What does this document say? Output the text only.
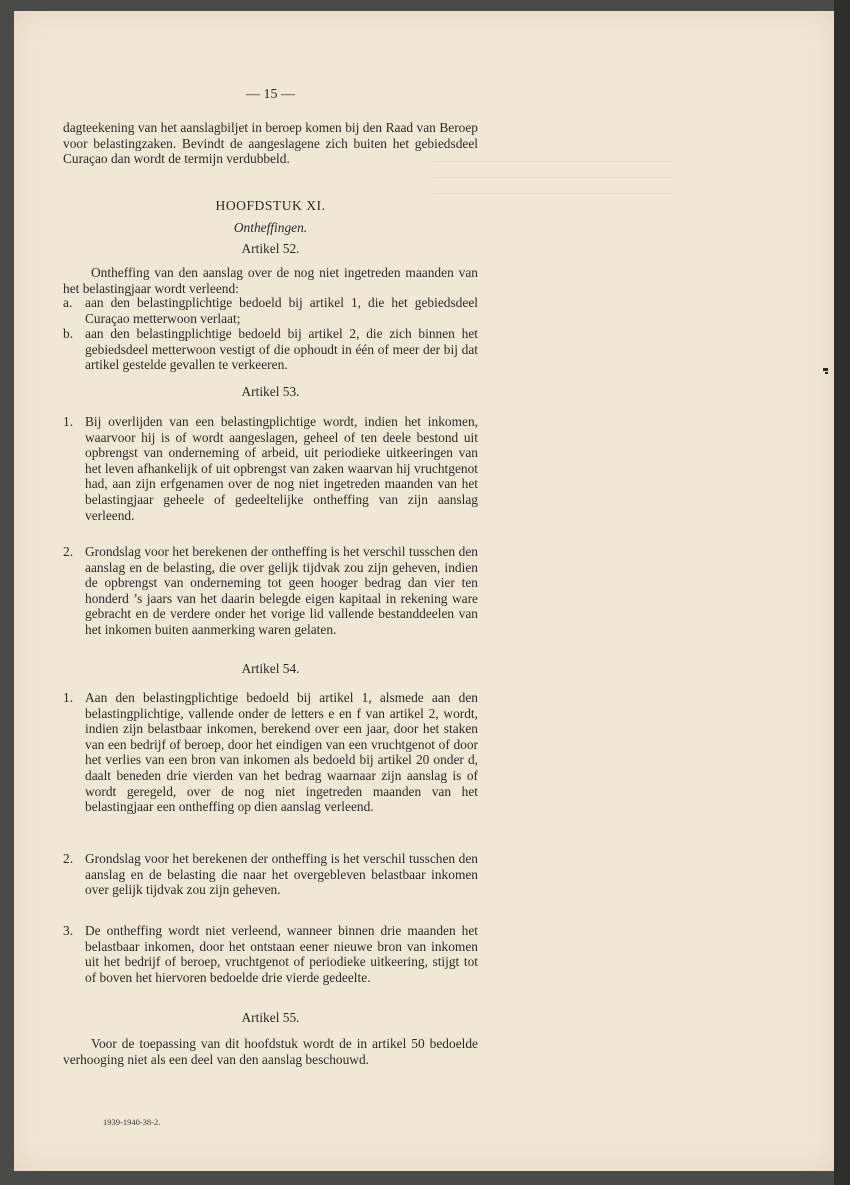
— 15 —
dagteekening van het aanslagbiljet in beroep komen bij den Raad van Beroep voor belastingzaken. Bevindt de aangeslagene zich buiten het gebiedsdeel Curaçao dan wordt de termijn verdubbeld.
HOOFDSTUK XI.
Ontheffingen.
Artikel 52.
Ontheffing van den aanslag over de nog niet ingetreden maanden van het belastingjaar wordt verleend:
a. aan den belastingplichtige bedoeld bij artikel 1, die het gebiedsdeel Curaçao metterwoon verlaat;
b. aan den belastingplichtige bedoeld bij artikel 2, die zich binnen het gebiedsdeel metterwoon vestigt of die ophoudt in één of meer der bij dat artikel gestelde gevallen te verkeeren.
Artikel 53.
1. Bij overlijden van een belastingplichtige wordt, indien het inkomen, waarvoor hij is of wordt aangeslagen, geheel of ten deele bestond uit opbrengst van onderneming of arbeid, uit periodieke uitkeeringen van het leven afhankelijk of uit opbrengst van zaken waarvan hij vruchtgenot had, aan zijn erfgenamen over de nog niet ingetreden maanden van het belastingjaar geheele of gedeeltelijke ontheffing van zijn aanslag verleend.
2. Grondslag voor het berekenen der ontheffing is het verschil tusschen den aanslag en de belasting, die over gelijk tijdvak zou zijn geheven, indien de opbrengst van onderneming tot geen hooger bedrag dan vier ten honderd ’s jaars van het daarin belegde eigen kapitaal in rekening ware gebracht en de verdere onder het vorige lid vallende bestanddeelen van het inkomen buiten aanmerking waren gelaten.
Artikel 54.
1. Aan den belastingplichtige bedoeld bij artikel 1, alsmede aan den belastingplichtige, vallende onder de letters e en f van artikel 2, wordt, indien zijn belastbaar inkomen, berekend over een jaar, door het staken van een bedrijf of beroep, door het eindigen van een vruchtgenot of door het verlies van een bron van inkomen als bedoeld bij artikel 20 onder d, daalt beneden drie vierden van het bedrag waarnaar zijn aanslag is of wordt geregeld, over de nog niet ingetreden maanden van het belastingjaar een ontheffing op dien aanslag verleend.
2. Grondslag voor het berekenen der ontheffing is het verschil tusschen den aanslag en de belasting die naar het overgebleven belastbaar inkomen over gelijk tijdvak zou zijn geheven.
3. De ontheffing wordt niet verleend, wanneer binnen drie maanden het belastbaar inkomen, door het ontstaan eener nieuwe bron van inkomen uit het bedrijf of beroep, vruchtgenot of periodieke uitkeering, stijgt tot of boven het hiervoren bedoelde drie vierde gedeelte.
Artikel 55.
Voor de toepassing van dit hoofdstuk wordt de in artikel 50 bedoelde verhooging niet als een deel van den aanslag beschouwd.
1939-1940-38-2.
